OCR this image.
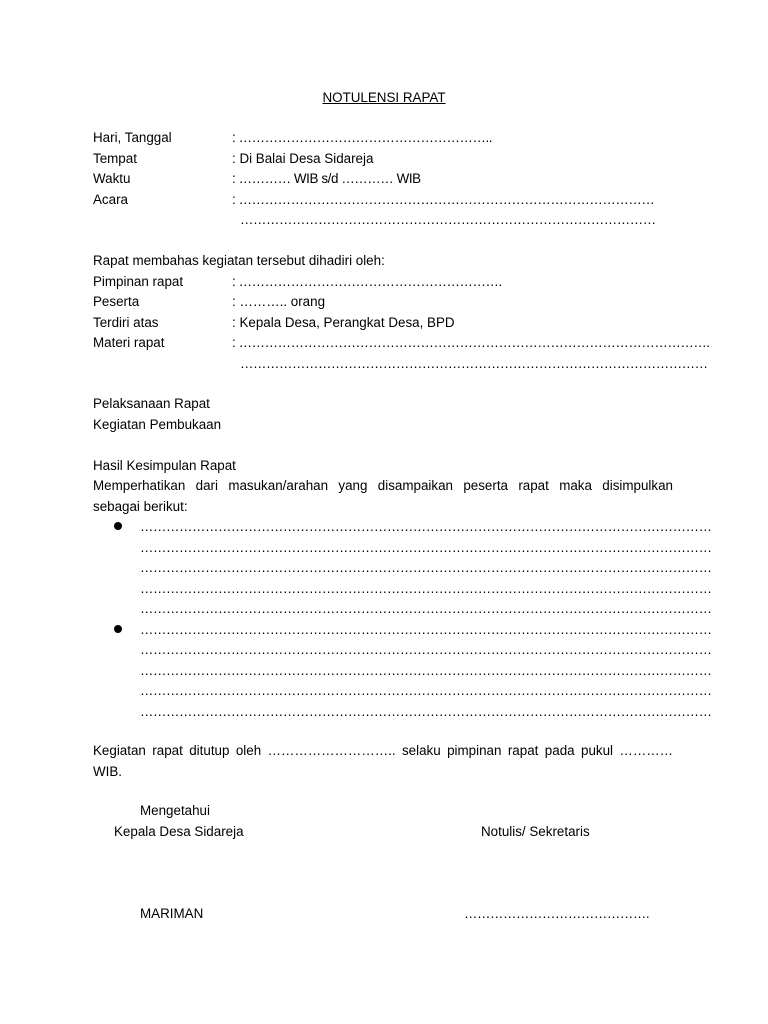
NOTULENSI RAPAT
Hari, Tanggal	: …………………………………………………..
Tempat	: Di Balai Desa Sidareja
Waktu	: ………… WIB s/d ………… WIB
Acara	: ……………………………………………………………………………………
……………………………………………………………………………………
Rapat membahas kegiatan tersebut dihadiri oleh:
Pimpinan rapat	: …………………………………………………….
Peserta	: ……….. orang
Terdiri atas	: Kepala Desa, Perangkat Desa, BPD
Materi rapat	: ……………………………………………………………………………………………….
………………………………………………………………………………………………
Pelaksanaan Rapat
Kegiatan Pembukaan
Hasil Kesimpulan Rapat
Memperhatikan dari masukan/arahan yang disampaikan peserta rapat maka disimpulkan
sebagai berikut:
……………………………………………………………………………………………………………………
……………………………………………………………………………………………………………………
……………………………………………………………………………………………………………………
……………………………………………………………………………………………………………………
……………………………………………………………………………………………………………………
……………………………………………………………………………………………………………………
……………………………………………………………………………………………………………………
……………………………………………………………………………………………………………………
……………………………………………………………………………………………………………………
……………………………………………………………………………………………………………………
Kegiatan rapat ditutup oleh ……………………….. selaku pimpinan rapat pada pukul …………
WIB.
Mengetahui
Kepala Desa Sidareja	Notulis/ Sekretaris
MARIMAN	…………………………………….
